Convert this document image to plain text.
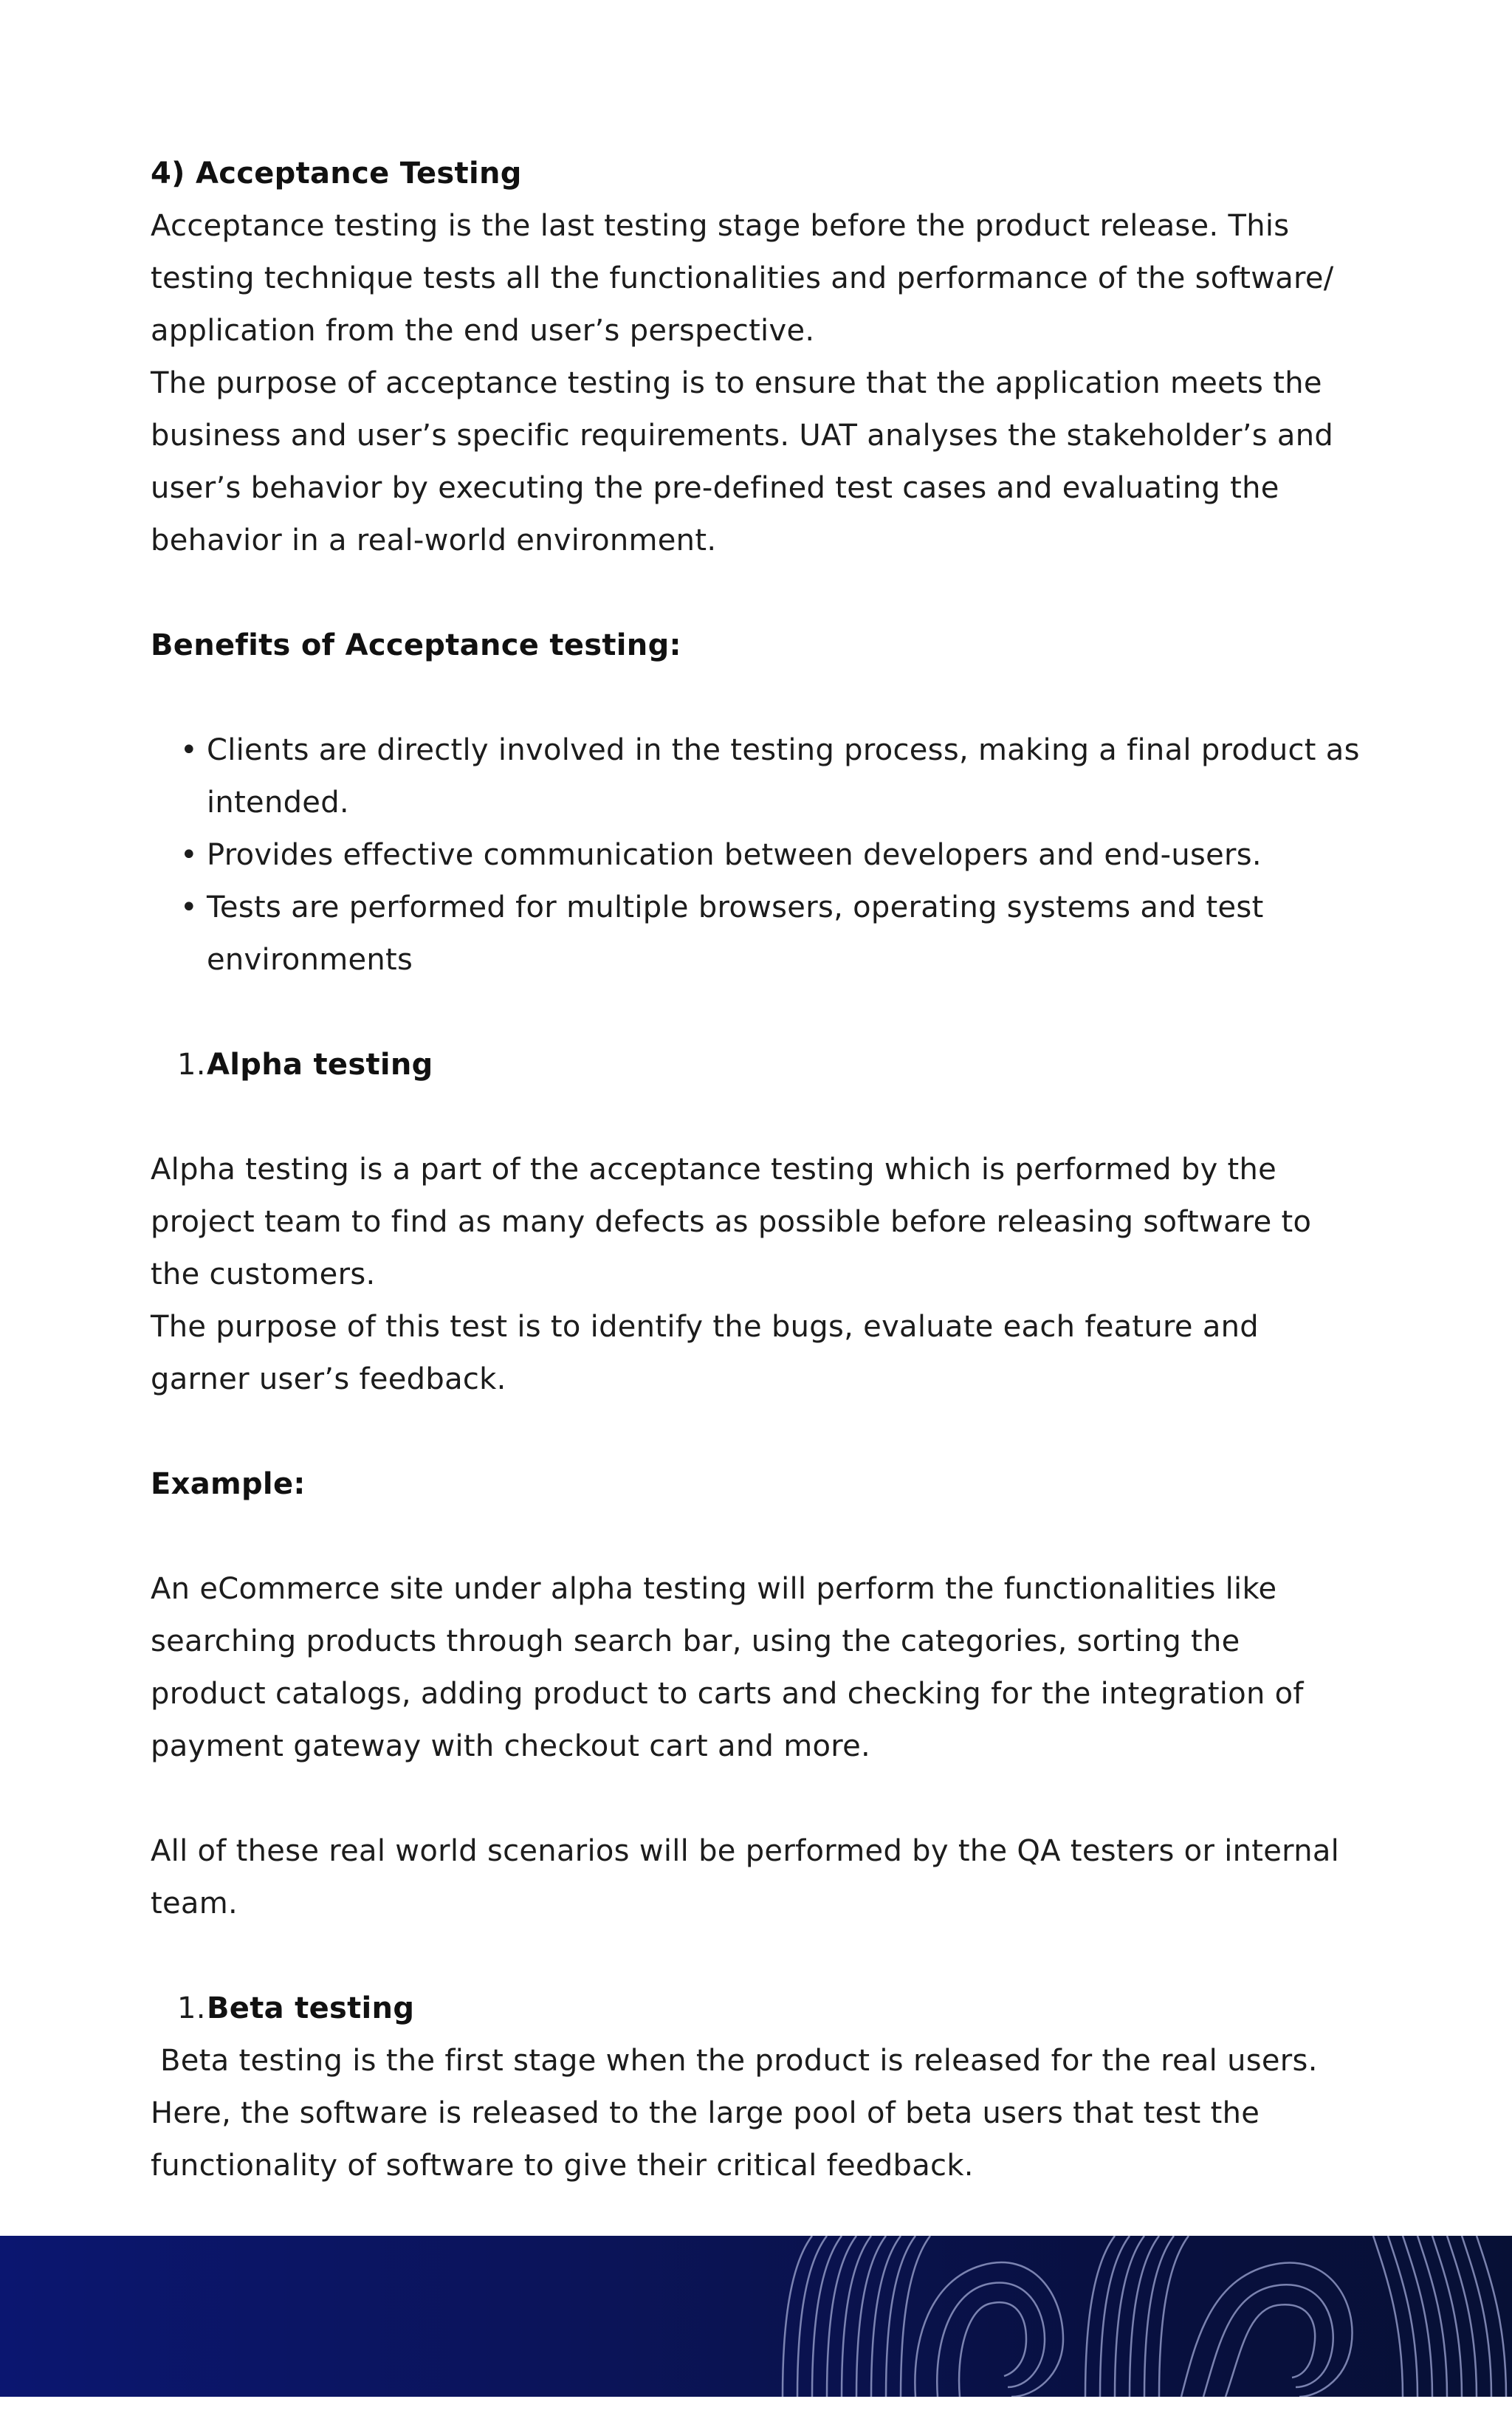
4) Acceptance Testing

Acceptance testing is the last testing stage before the product release. This testing technique tests all the functionalities and performance of the software/ application from the end user’s perspective.

The purpose of acceptance testing is to ensure that the application meets the business and user’s specific requirements. UAT analyses the stakeholder’s and user’s behavior by executing the pre-defined test cases and evaluating the behavior in a real-world environment.

Benefits of Acceptance testing:

• Clients are directly involved in the testing process, making a final product as intended.
• Provides effective communication between developers and end-users.
• Tests are performed for multiple browsers, operating systems and test environments

1. Alpha testing

Alpha testing is a part of the acceptance testing which is performed by the project team to find as many defects as possible before releasing software to the customers.

The purpose of this test is to identify the bugs, evaluate each feature and garner user’s feedback.

Example:

An eCommerce site under alpha testing will perform the functionalities like searching products through search bar, using the categories, sorting the product catalogs, adding product to carts and checking for the integration of payment gateway with checkout cart and more.

All of these real world scenarios will be performed by the QA testers or internal team.

1. Beta testing

Beta testing is the first stage when the product is released for the real users. Here, the software is released to the large pool of beta users that test the functionality of software to give their critical feedback.
